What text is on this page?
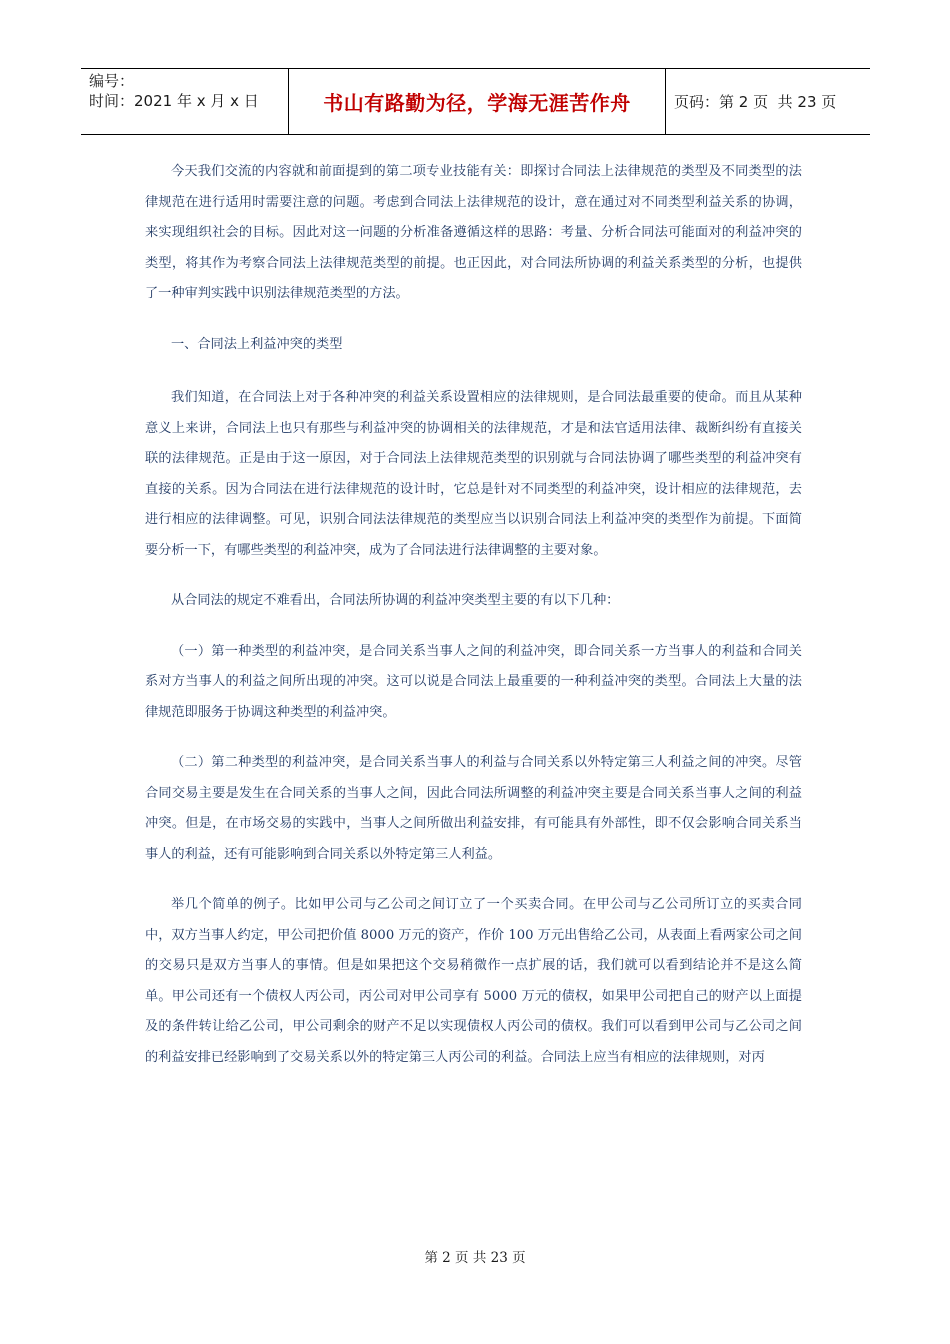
编号：
时间：2021 年 x 月 x 日	书山有路勤为径，学海无涯苦作舟	页码：第 2 页  共 23 页

今天我们交流的内容就和前面提到的第二项专业技能有关：即探讨合同法上法律规范的类型及不同类型的法律规范在进行适用时需要注意的问题。考虑到合同法上法律规范的设计，意在通过对不同类型利益关系的协调，来实现组织社会的目标。因此对这一问题的分析准备遵循这样的思路：考量、分析合同法可能面对的利益冲突的类型，将其作为考察合同法上法律规范类型的前提。也正因此，对合同法所协调的利益关系类型的分析，也提供了一种审判实践中识别法律规范类型的方法。

一、合同法上利益冲突的类型

我们知道，在合同法上对于各种冲突的利益关系设置相应的法律规则，是合同法最重要的使命。而且从某种意义上来讲，合同法上也只有那些与利益冲突的协调相关的法律规范，才是和法官适用法律、裁断纠纷有直接关联的法律规范。正是由于这一原因，对于合同法上法律规范类型的识别就与合同法协调了哪些类型的利益冲突有直接的关系。因为合同法在进行法律规范的设计时，它总是针对不同类型的利益冲突，设计相应的法律规范，去进行相应的法律调整。可见，识别合同法法律规范的类型应当以识别合同法上利益冲突的类型作为前提。下面简要分析一下，有哪些类型的利益冲突，成为了合同法进行法律调整的主要对象。

从合同法的规定不难看出，合同法所协调的利益冲突类型主要的有以下几种：

（一）第一种类型的利益冲突，是合同关系当事人之间的利益冲突，即合同关系一方当事人的利益和合同关系对方当事人的利益之间所出现的冲突。这可以说是合同法上最重要的一种利益冲突的类型。合同法上大量的法律规范即服务于协调这种类型的利益冲突。

（二）第二种类型的利益冲突，是合同关系当事人的利益与合同关系以外特定第三人利益之间的冲突。尽管合同交易主要是发生在合同关系的当事人之间，因此合同法所调整的利益冲突主要是合同关系当事人之间的利益冲突。但是，在市场交易的实践中，当事人之间所做出利益安排，有可能具有外部性，即不仅会影响合同关系当事人的利益，还有可能影响到合同关系以外特定第三人利益。

举几个简单的例子。比如甲公司与乙公司之间订立了一个买卖合同。在甲公司与乙公司所订立的买卖合同中，双方当事人约定，甲公司把价值 8000 万元的资产，作价 100 万元出售给乙公司，从表面上看两家公司之间的交易只是双方当事人的事情。但是如果把这个交易稍微作一点扩展的话，我们就可以看到结论并不是这么简单。甲公司还有一个债权人丙公司，丙公司对甲公司享有 5000 万元的债权，如果甲公司把自己的财产以上面提及的条件转让给乙公司，甲公司剩余的财产不足以实现债权人丙公司的债权。我们可以看到甲公司与乙公司之间的利益安排已经影响到了交易关系以外的特定第三人丙公司的利益。合同法上应当有相应的法律规则，对丙

第 2 页 共 23 页
